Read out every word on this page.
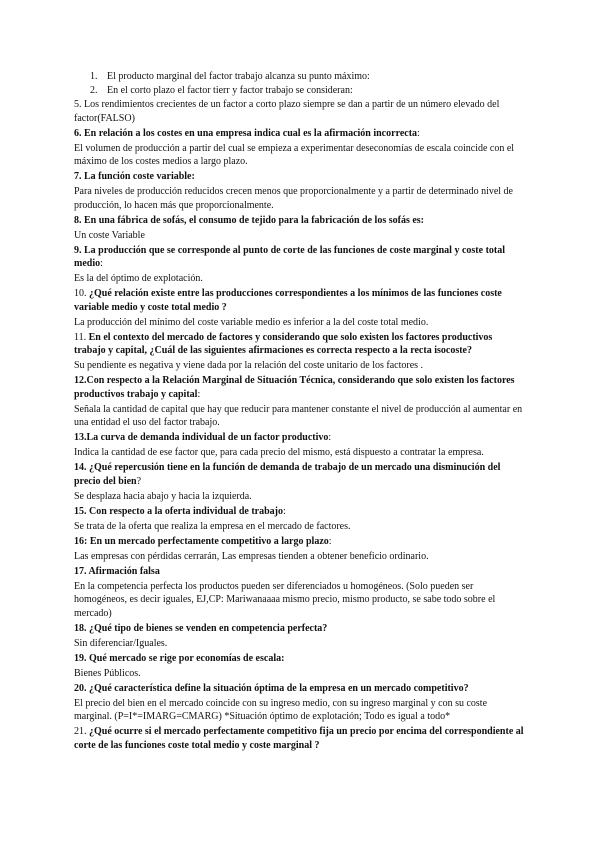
1. El producto marginal del factor trabajo alcanza su punto máximo:
2. En el corto plazo el factor tierr y factor trabajo se consideran:

5. Los rendimientos crecientes de un factor a corto plazo siempre se dan a partir de un número elevado del factor(FALSO)

6. En relación a los costes en una empresa indica cual es la afirmación incorrecta:

El volumen de producción a partir del cual se empieza a experimentar deseconomías de escala coincide con el máximo de los costes medios a largo plazo.

7. La función coste variable:

Para niveles de producción reducidos crecen menos que proporcionalmente y a partir de determinado nivel de producción, lo hacen más que proporcionalmente.

8. En una fábrica de sofás, el consumo de tejido para la fabricación de los sofás es:

Un coste Variable

9. La producción que se corresponde al punto de corte de las funciones de coste marginal y coste total medio:

Es la del óptimo de explotación.

10. ¿Qué relación existe entre las producciones correspondientes a los mínimos de las funciones coste variable medio y coste total medio ?

La producción del mínimo del coste variable medio es inferior a la del coste total medio.

11. En el contexto del mercado de factores y considerando que solo existen los factores productivos trabajo y capital, ¿Cuál de las siguientes afirmaciones es correcta respecto a la recta isocoste?

Su pendiente es negativa y viene dada por la relación del coste unitario de los factores .

12.Con respecto a la Relación Marginal de Situación Técnica, considerando que solo existen los factores productivos trabajo y capital:

Señala la cantidad de capital que hay que reducir para mantener constante el nivel de producción al aumentar en una entidad el uso del factor trabajo.

13.La curva de demanda individual de un factor productivo:

Indica la cantidad de ese factor que, para cada precio del mismo, está dispuesto a contratar la empresa.

14. ¿Qué repercusión tiene en la función de demanda de trabajo de un mercado una disminución del precio del bien?

Se desplaza hacia abajo y hacia la izquierda.

15. Con respecto a la oferta individual de trabajo:

Se trata de la oferta que realiza la empresa en el mercado de factores.

16: En un mercado perfectamente competitivo a largo plazo:

Las empresas con pérdidas cerrarán, Las empresas tienden a obtener beneficio ordinario.

17. Afirmación falsa

En la competencia perfecta los productos pueden ser diferenciados u homogéneos. (Solo pueden ser homogéneos, es decir iguales, EJ,CP: Mariwanaaaa mismo precio, mismo producto, se sabe todo sobre el mercado)

18. ¿Qué tipo de bienes se venden en competencia perfecta?

Sin diferenciar/Iguales.

19. Qué mercado se rige por economías de escala:

Bienes Públicos.

20. ¿Qué característica define la situación óptima de la empresa en un mercado competitivo?

El precio del bien en el mercado coincide con su ingreso medio, con su ingreso marginal y con su coste marginal. (P=I*=IMARG=CMARG) *Situación óptimo de explotación; Todo es igual a todo*

21. ¿Qué ocurre si el mercado perfectamente competitivo fija un precio por encima del correspondiente al corte de las funciones coste total medio y coste marginal ?
